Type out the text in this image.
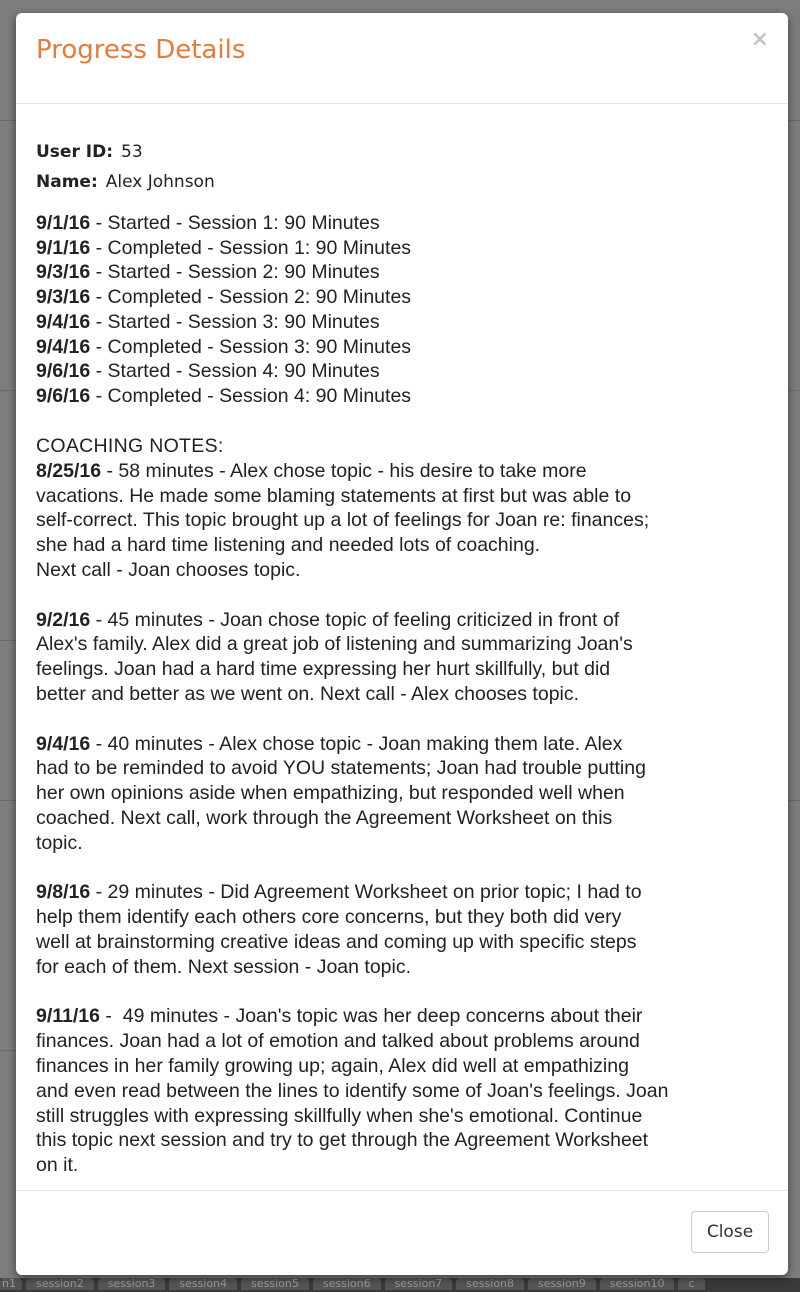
n1	session2	session3	session4	session5	session6	session7	session8	session9	session10	c
Progress Details	×
User ID: 53
Name: Alex Johnson
9/1/16 - Started - Session 1: 90 Minutes
9/1/16 - Completed - Session 1: 90 Minutes
9/3/16 - Started - Session 2: 90 Minutes
9/3/16 - Completed - Session 2: 90 Minutes
9/4/16 - Started - Session 3: 90 Minutes
9/4/16 - Completed - Session 3: 90 Minutes
9/6/16 - Started - Session 4: 90 Minutes
9/6/16 - Completed - Session 4: 90 Minutes
COACHING NOTES:
8/25/16 - 58 minutes - Alex chose topic - his desire to take more
vacations. He made some blaming statements at first but was able to
self-correct. This topic brought up a lot of feelings for Joan re: finances;
she had a hard time listening and needed lots of coaching.
Next call - Joan chooses topic.
9/2/16 - 45 minutes - Joan chose topic of feeling criticized in front of
Alex's family. Alex did a great job of listening and summarizing Joan's
feelings. Joan had a hard time expressing her hurt skillfully, but did
better and better as we went on. Next call - Alex chooses topic.
9/4/16 - 40 minutes - Alex chose topic - Joan making them late. Alex
had to be reminded to avoid YOU statements; Joan had trouble putting
her own opinions aside when empathizing, but responded well when
coached. Next call, work through the Agreement Worksheet on this
topic.
9/8/16 - 29 minutes - Did Agreement Worksheet on prior topic; I had to
help them identify each others core concerns, but they both did very
well at brainstorming creative ideas and coming up with specific steps
for each of them. Next session - Joan topic.
9/11/16 -  49 minutes - Joan's topic was her deep concerns about their
finances. Joan had a lot of emotion and talked about problems around
finances in her family growing up; again, Alex did well at empathizing
and even read between the lines to identify some of Joan's feelings. Joan
still struggles with expressing skillfully when she's emotional. Continue
this topic next session and try to get through the Agreement Worksheet
on it.
Close
